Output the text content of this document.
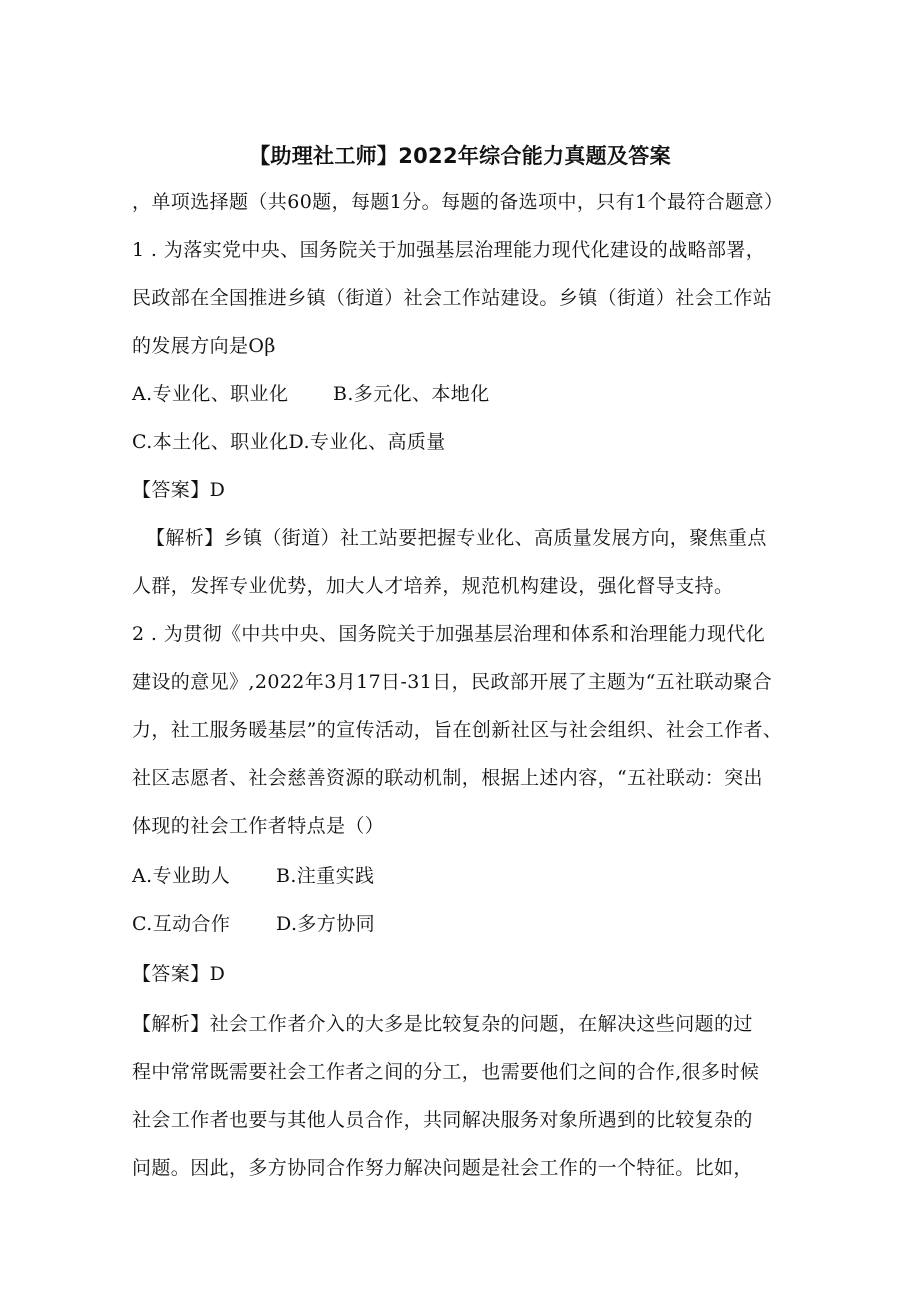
【助理社工师】2022年综合能力真题及答案

，单项选择题（共60题，每题1分。每题的备选项中，只有1个最符合题意）

1 . 为落实党中央、国务院关于加强基层治理能力现代化建设的战略部署，

民政部在全国推进乡镇（街道）社会工作站建设。乡镇（街道）社会工作站

的发展方向是Oβ

A.专业化、职业化 B.多元化、本地化
C.本土化、职业化D.专业化、高质量

【答案】D

【解析】乡镇（街道）社工站要把握专业化、高质量发展方向，聚焦重点

人群，发挥专业优势，加大人才培养，规范机构建设，强化督导支持。

2 . 为贯彻《中共中央、国务院关于加强基层治理和体系和治理能力现代化

建设的意见》,2022年3月17日-31日，民政部开展了主题为“五社联动聚合

力，社工服务暖基层”的宣传活动，旨在创新社区与社会组织、社会工作者、

社区志愿者、社会慈善资源的联动机制，根据上述内容，“五社联动：突出

体现的社会工作者特点是（）

A.专业助人 B.注重实践
C.互动合作 D.多方协同

【答案】D

【解析】社会工作者介入的大多是比较复杂的问题，在解决这些问题的过

程中常常既需要社会工作者之间的分工，也需要他们之间的合作,很多时候

社会工作者也要与其他人员合作，共同解决服务对象所遇到的比较复杂的

问题。因此，多方协同合作努力解决问题是社会工作的一个特征。比如，
